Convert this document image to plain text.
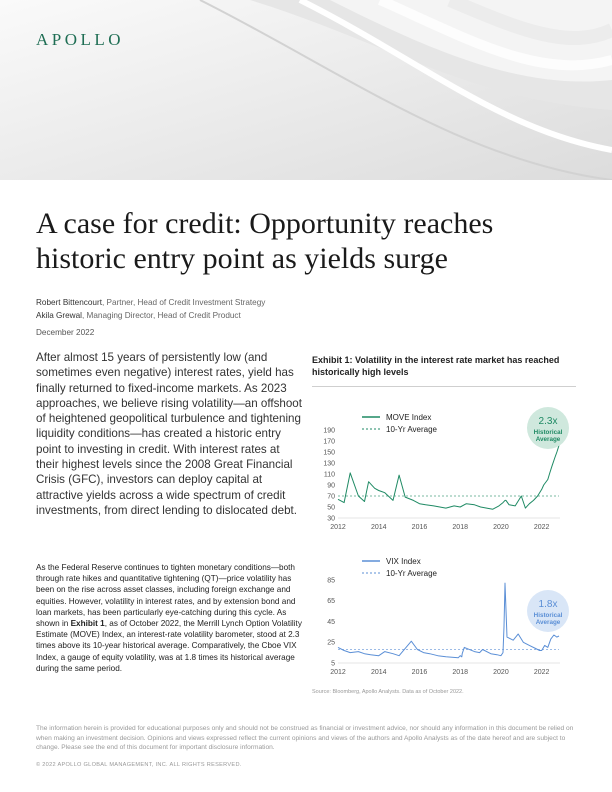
APOLLO
A case for credit: Opportunity reaches historic entry point as yields surge
Robert Bittencourt, Partner, Head of Credit Investment Strategy
Akila Grewal, Managing Director, Head of Credit Product
December 2022

After almost 15 years of persistently low (and sometimes even negative) interest rates, yield has finally returned to fixed-income markets. As 2023 approaches, we believe rising volatility—an offshoot of heightened geopolitical turbulence and tightening liquidity conditions—has created a historic entry point to investing in credit. With interest rates at their highest levels since the 2008 Great Financial Crisis (GFC), investors can deploy capital at attractive yields across a wide spectrum of credit investments, from direct lending to dislocated debt.

As the Federal Reserve continues to tighten monetary conditions—both through rate hikes and quantitative tightening (QT)—price volatility has been on the rise across asset classes, including foreign exchange and equities. However, volatility in interest rates, and by extension bond and loan markets, has been particularly eye-catching during this cycle. As shown in Exhibit 1, as of October 2022, the Merrill Lynch Option Volatility Estimate (MOVE) Index, an interest-rate volatility barometer, stood at 2.3 times above its 10-year historical average. Comparatively, the Cboe VIX Index, a gauge of equity volatility, was at 1.8 times its historical average during the same period.

Exhibit 1: Volatility in the interest rate market has reached historically high levels

30
50
70
90
110
130
150
170
190
2012	2014	2016	2018	2020	2022
MOVE Index
10-Yr Average
2.3x
Historical
Average
5
25
45
65
85
2012	2014	2016	2018	2020	2022
VIX Index
10-Yr Average
1.8x
Historical
Average
Source: Bloomberg, Apollo Analysts. Data as of October 2022.

The information herein is provided for educational purposes only and should not be construed as financial or investment advice, nor should any information in this document be relied on when making an investment decision. Opinions and views expressed reflect the current opinions and views of the authors and Apollo Analysts as of the date hereof and are subject to change. Please see the end of this document for important disclosure information.

© 2022 APOLLO GLOBAL MANAGEMENT, INC. ALL RIGHTS RESERVED.
